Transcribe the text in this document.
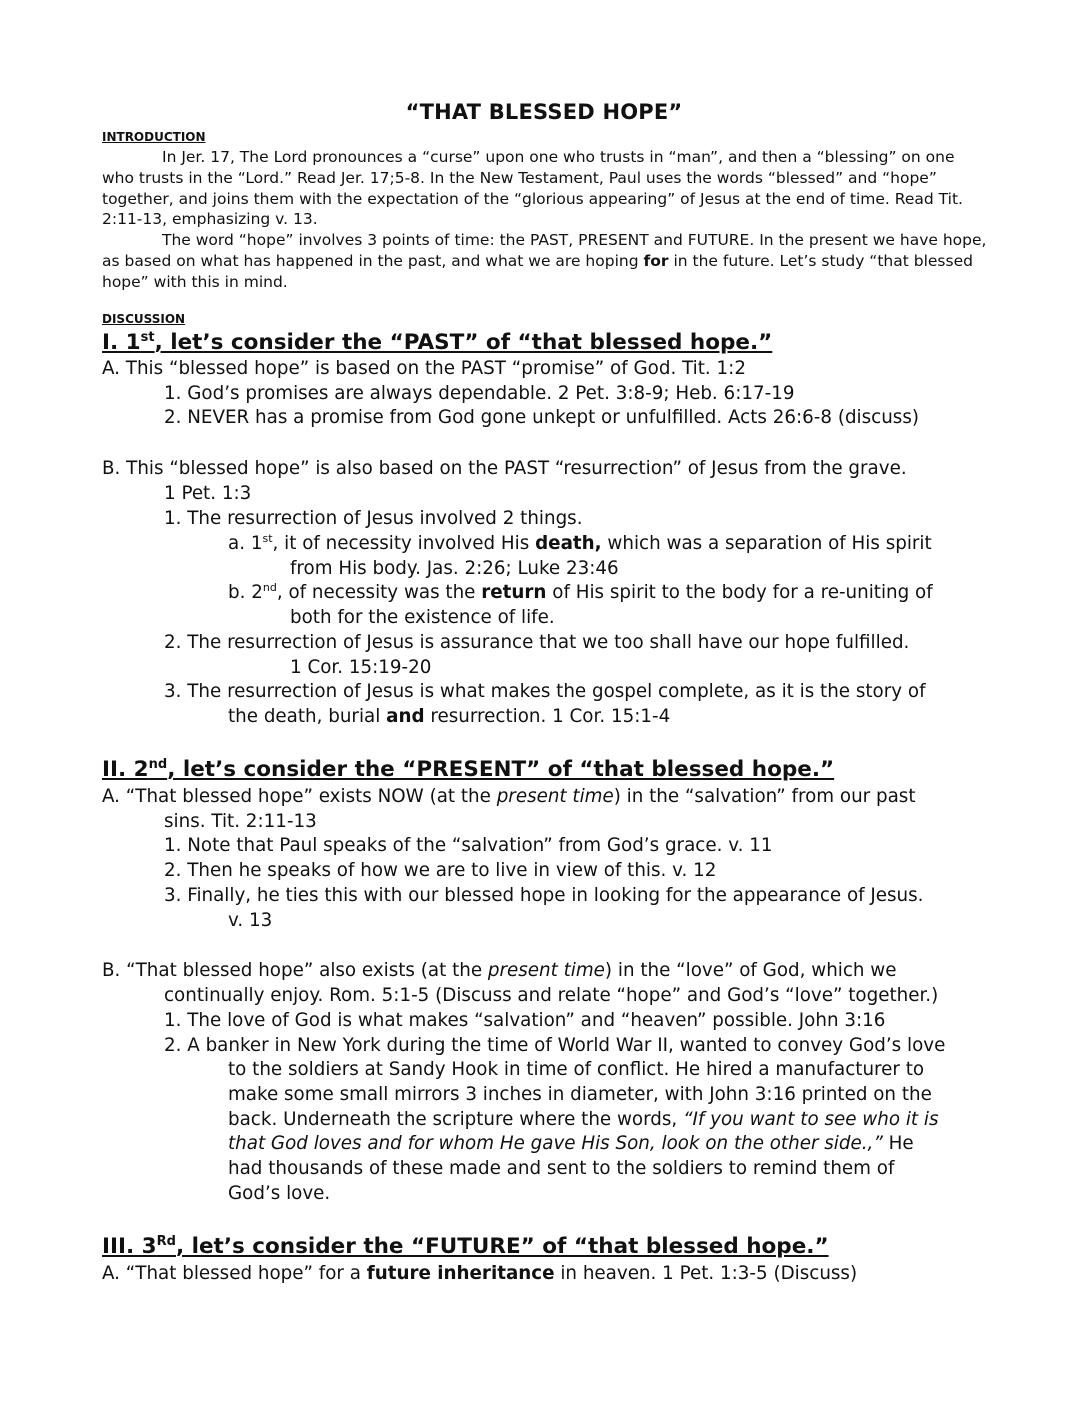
“THAT BLESSED HOPE”
INTRODUCTION

In Jer. 17, The Lord pronounces a “curse” upon one who trusts in “man”, and then a “blessing” on one who trusts in the “Lord.” Read Jer. 17;5-8. In the New Testament, Paul uses the words “blessed” and “hope” together, and joins them with the expectation of the “glorious appearing” of Jesus at the end of time. Read Tit. 2:11-13, emphasizing v. 13.

The word “hope” involves 3 points of time: the PAST, PRESENT and FUTURE. In the present we have hope, as based on what has happened in the past, and what we are hoping for in the future. Let’s study “that blessed hope” with this in mind.

DISCUSSION
I. 1st, let’s consider the “PAST” of “that blessed hope.”
A. This “blessed hope” is based on the PAST “promise” of God. Tit. 1:2
1. God’s promises are always dependable. 2 Pet. 3:8-9; Heb. 6:17-19
2. NEVER has a promise from God gone unkept or unfulfilled. Acts 26:6-8 (discuss)
B. This “blessed hope” is also based on the PAST “resurrection” of Jesus from the grave.
1 Pet. 1:3
1. The resurrection of Jesus involved 2 things.
a. 1st, it of necessity involved His death, which was a separation of His spirit
from His body. Jas. 2:26; Luke 23:46
b. 2nd, of necessity was the return of His spirit to the body for a re-uniting of
both for the existence of life.
2. The resurrection of Jesus is assurance that we too shall have our hope fulfilled.
1 Cor. 15:19-20
3. The resurrection of Jesus is what makes the gospel complete, as it is the story of
the death, burial and resurrection. 1 Cor. 15:1-4
II. 2nd, let’s consider the “PRESENT” of “that blessed hope.”
A. “That blessed hope” exists NOW (at the present time) in the “salvation” from our past
sins. Tit. 2:11-13
1. Note that Paul speaks of the “salvation” from God’s grace. v. 11
2. Then he speaks of how we are to live in view of this. v. 12
3. Finally, he ties this with our blessed hope in looking for the appearance of Jesus.
v. 13
B. “That blessed hope” also exists (at the present time) in the “love” of God, which we
continually enjoy. Rom. 5:1-5 (Discuss and relate “hope” and God’s “love” together.)
1. The love of God is what makes “salvation” and “heaven” possible. John 3:16
2. A banker in New York during the time of World War II, wanted to convey God’s love
to the soldiers at Sandy Hook in time of conflict. He hired a manufacturer to
make some small mirrors 3 inches in diameter, with John 3:16 printed on the
back. Underneath the scripture where the words, “If you want to see who it is
that God loves and for whom He gave His Son, look on the other side.,” He
had thousands of these made and sent to the soldiers to remind them of
God’s love.
III. 3Rd, let’s consider the “FUTURE” of “that blessed hope.”
A. “That blessed hope” for a future inheritance in heaven. 1 Pet. 1:3-5 (Discuss)
